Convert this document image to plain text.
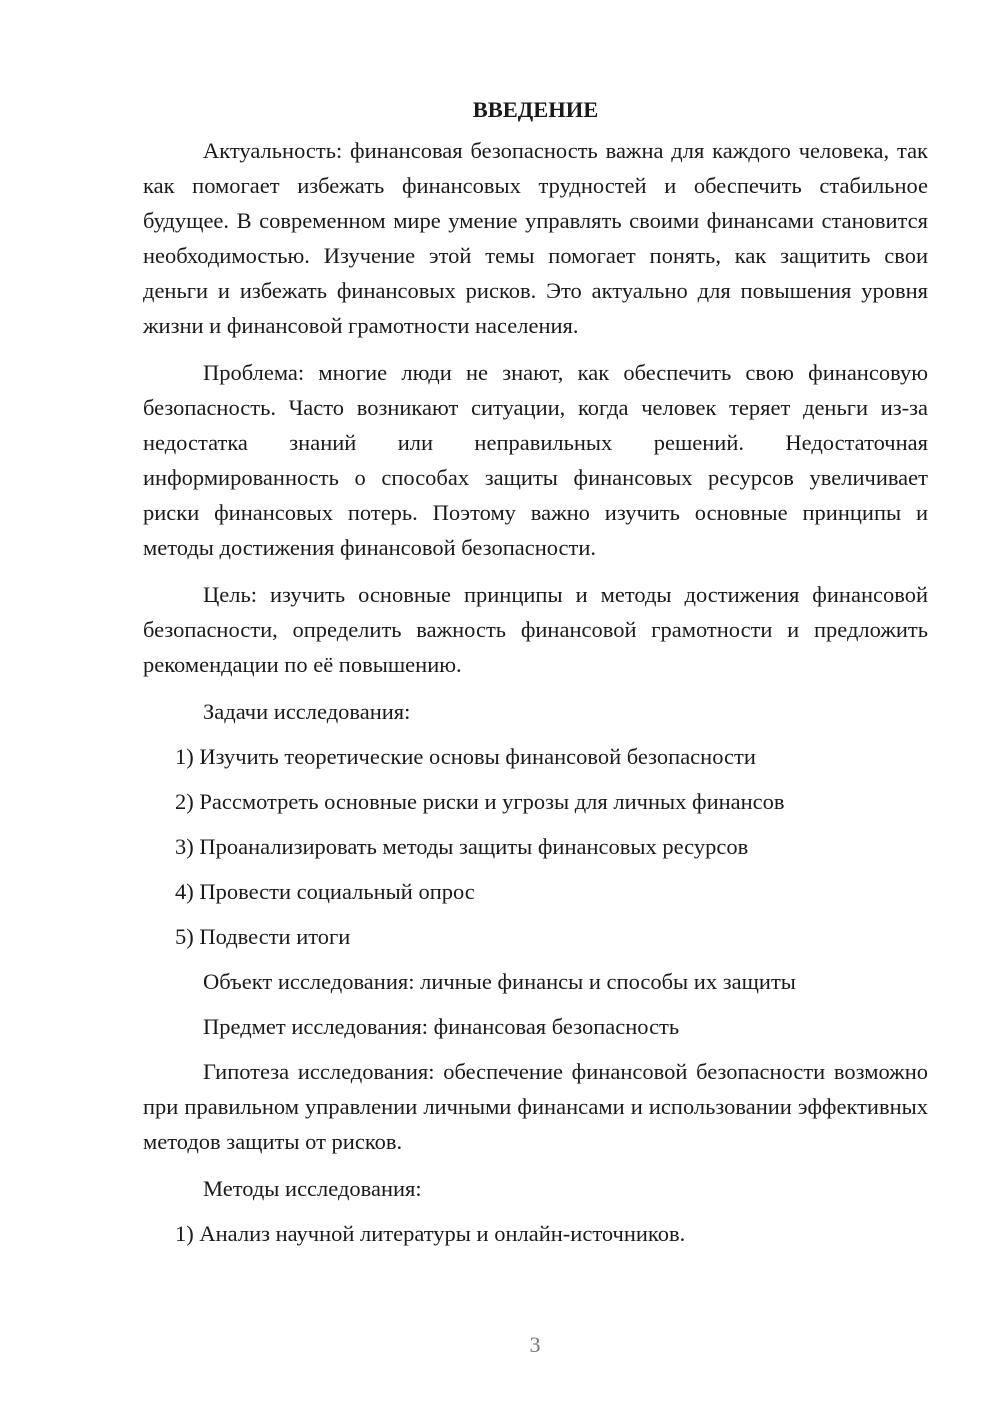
ВВЕДЕНИЕ

Актуальность: финансовая безопасность важна для каждого человека, так как помогает избежать финансовых трудностей и обеспечить стабильное будущее. В современном мире умение управлять своими финансами становится необходимостью. Изучение этой темы помогает понять, как защитить свои деньги и избежать финансовых рисков. Это актуально для повышения уровня жизни и финансовой грамотности населения.

Проблема: многие люди не знают, как обеспечить свою финансовую безопасность. Часто возникают ситуации, когда человек теряет деньги из-за недостатка знаний или неправильных решений. Недостаточная информированность о способах защиты финансовых ресурсов увеличивает риски финансовых потерь. Поэтому важно изучить основные принципы и методы достижения финансовой безопасности.

Цель: изучить основные принципы и методы достижения финансовой безопасности, определить важность финансовой грамотности и предложить рекомендации по её повышению.

Задачи исследования:
1) Изучить теоретические основы финансовой безопасности
2) Рассмотреть основные риски и угрозы для личных финансов
3) Проанализировать методы защиты финансовых ресурсов
4) Провести социальный опрос
5) Подвести итоги
Объект исследования: личные финансы и способы их защиты
Предмет исследования: финансовая безопасность

Гипотеза исследования: обеспечение финансовой безопасности возможно при правильном управлении личными финансами и использовании эффективных методов защиты от рисков.

Методы исследования:
1) Анализ научной литературы и онлайн-источников.
3
